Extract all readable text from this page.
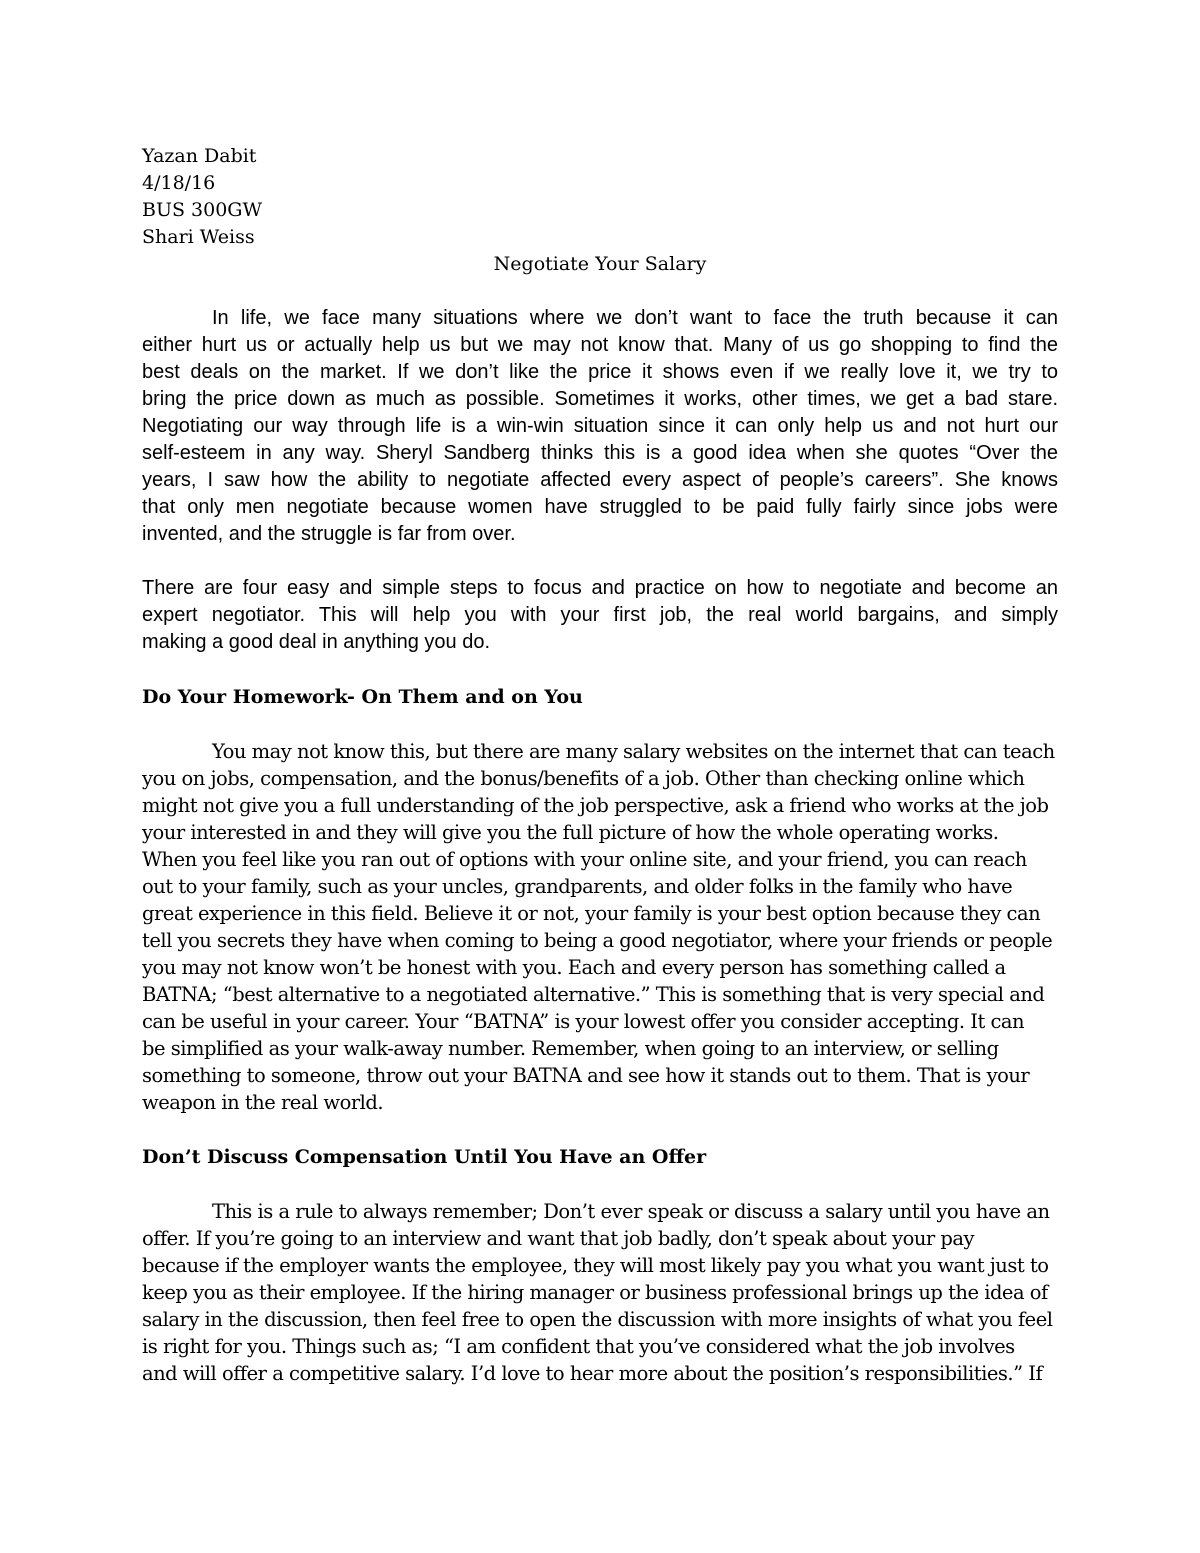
Yazan Dabit
4/18/16
BUS 300GW
Shari Weiss
Negotiate Your Salary
In life, we face many situations where we don’t want to face the truth because it can
either hurt us or actually help us but we may not know that. Many of us go shopping to find the
best deals on the market. If we don’t like the price it shows even if we really love it, we try to
bring the price down as much as possible. Sometimes it works, other times, we get a bad stare.
Negotiating our way through life is a win-win situation since it can only help us and not hurt our
self-esteem in any way. Sheryl Sandberg thinks this is a good idea when she quotes “Over the
years, I saw how the ability to negotiate affected every aspect of people’s careers”. She knows
that only men negotiate because women have struggled to be paid fully fairly since jobs were
invented, and the struggle is far from over.
There are four easy and simple steps to focus and practice on how to negotiate and become an
expert negotiator. This will help you with your first job, the real world bargains, and simply
making a good deal in anything you do.
Do Your Homework- On Them and on You
You may not know this, but there are many salary websites on the internet that can teach
you on jobs, compensation, and the bonus/benefits of a job. Other than checking online which
might not give you a full understanding of the job perspective, ask a friend who works at the job
your interested in and they will give you the full picture of how the whole operating works.
When you feel like you ran out of options with your online site, and your friend, you can reach
out to your family, such as your uncles, grandparents, and older folks in the family who have
great experience in this field. Believe it or not, your family is your best option because they can
tell you secrets they have when coming to being a good negotiator, where your friends or people
you may not know won’t be honest with you. Each and every person has something called a
BATNA; “best alternative to a negotiated alternative.” This is something that is very special and
can be useful in your career. Your “BATNA” is your lowest offer you consider accepting. It can
be simplified as your walk-away number. Remember, when going to an interview, or selling
something to someone, throw out your BATNA and see how it stands out to them. That is your
weapon in the real world.
Don’t Discuss Compensation Until You Have an Offer
This is a rule to always remember; Don’t ever speak or discuss a salary until you have an
offer. If you’re going to an interview and want that job badly, don’t speak about your pay
because if the employer wants the employee, they will most likely pay you what you want just to
keep you as their employee. If the hiring manager or business professional brings up the idea of
salary in the discussion, then feel free to open the discussion with more insights of what you feel
is right for you. Things such as; “I am confident that you’ve considered what the job involves
and will offer a competitive salary. I’d love to hear more about the position’s responsibilities.” If
